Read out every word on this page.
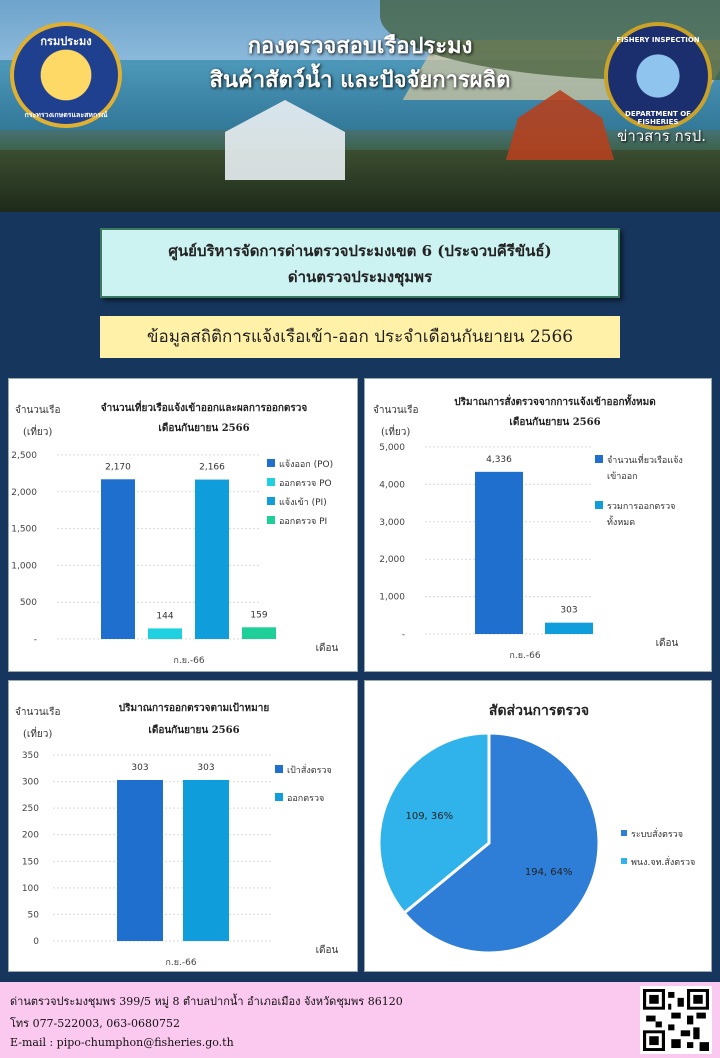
กองตรวจสอบเรือประมง
สินค้าสัตว์น้ำ และปัจจัยการผลิต
กรมประมง
กระทรวงเกษตรและสหกรณ์
FISHERY INSPECTION
DEPARTMENT OF FISHERIES
ข่าวสาร กรป.
ศูนย์บริหารจัดการด่านตรวจประมงเขต 6 (ประจวบคีรีขันธ์)
ด่านตรวจประมงชุมพร
ข้อมูลสถิติการแจ้งเรือเข้า-ออก ประจำเดือนกันยายน 2566
จำนวนเรือ
(เที่ยว)
จำนวนเที่ยวเรือแจ้งเข้าออกและผลการออกตรวจ
เดือนกันยายน 2566
2,500
2,000
1,500
1,000
500
-
2,170
144
2,166
159
ก.ย.-66
เดือน
แจ้งออก (PO)
ออกตรวจ PO
แจ้งเข้า (PI)
ออกตรวจ PI
จำนวนเรือ
(เที่ยว)
ปริมาณการสั่งตรวจจากการแจ้งเข้าออกทั้งหมด
เดือนกันยายน 2566
5,000
4,000
3,000
2,000
1,000
-
4,336
303
ก.ย.-66
เดือน
จำนวนเที่ยวเรือแจ้ง
เข้าออก
รวมการออกตรวจ
ทั้งหมด
จำนวนเรือ
(เที่ยว)
ปริมาณการออกตรวจตามเป้าหมาย
เดือนกันยายน 2566
350
300
250
200
150
100
50
0
303	303
ก.ย.-66
เดือน
เป้าสั่งตรวจ
ออกตรวจ
สัดส่วนการตรวจ
194, 64%
109, 36%
ระบบสั่งตรวจ
พนง.จท.สั่งตรวจ
ด่านตรวจประมงชุมพร 399/5 หมู่ 8 ตำบลปากน้ำ อำเภอเมือง จังหวัดชุมพร 86120
โทร 077-522003, 063-0680752
E-mail : pipo-chumphon@fisheries.go.th
